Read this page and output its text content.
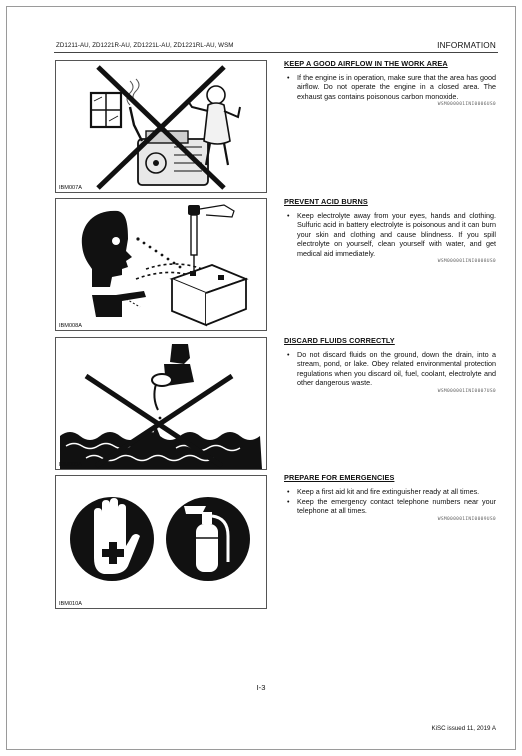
ZD1211-AU, ZD1221R-AU, ZD1221L-AU, ZD1221RL-AU, WSM	INFORMATION
IBM007A
IBM008A
IBM009A
IBM010A
KEEP A GOOD AIRFLOW IN THE WORK AREA
• If the engine is in operation, make sure that the area has good airflow. Do not operate the engine in a closed area. The exhaust gas contains poisonous carbon monoxide.
WSM000001INI0006US0
PREVENT ACID BURNS
• Keep electrolyte away from your eyes, hands and clothing. Sulfuric acid in battery electrolyte is poisonous and it can burn your skin and clothing and cause blindness. If you spill electrolyte on yourself, clean yourself with water, and get medical aid immediately.
WSM000001INI0008US0
DISCARD FLUIDS CORRECTLY
• Do not discard fluids on the ground, down the drain, into a stream, pond, or lake. Obey related environmental protection regulations when you discard oil, fuel, coolant, electrolyte and other dangerous waste.
WSM000001INI0007US0
PREPARE FOR EMERGENCIES
• Keep a first aid kit and fire extinguisher ready at all times.
• Keep the emergency contact telephone numbers near your telephone at all times.
WSM000001INI0009US0
I-3
KiSC issued 11, 2019 A
